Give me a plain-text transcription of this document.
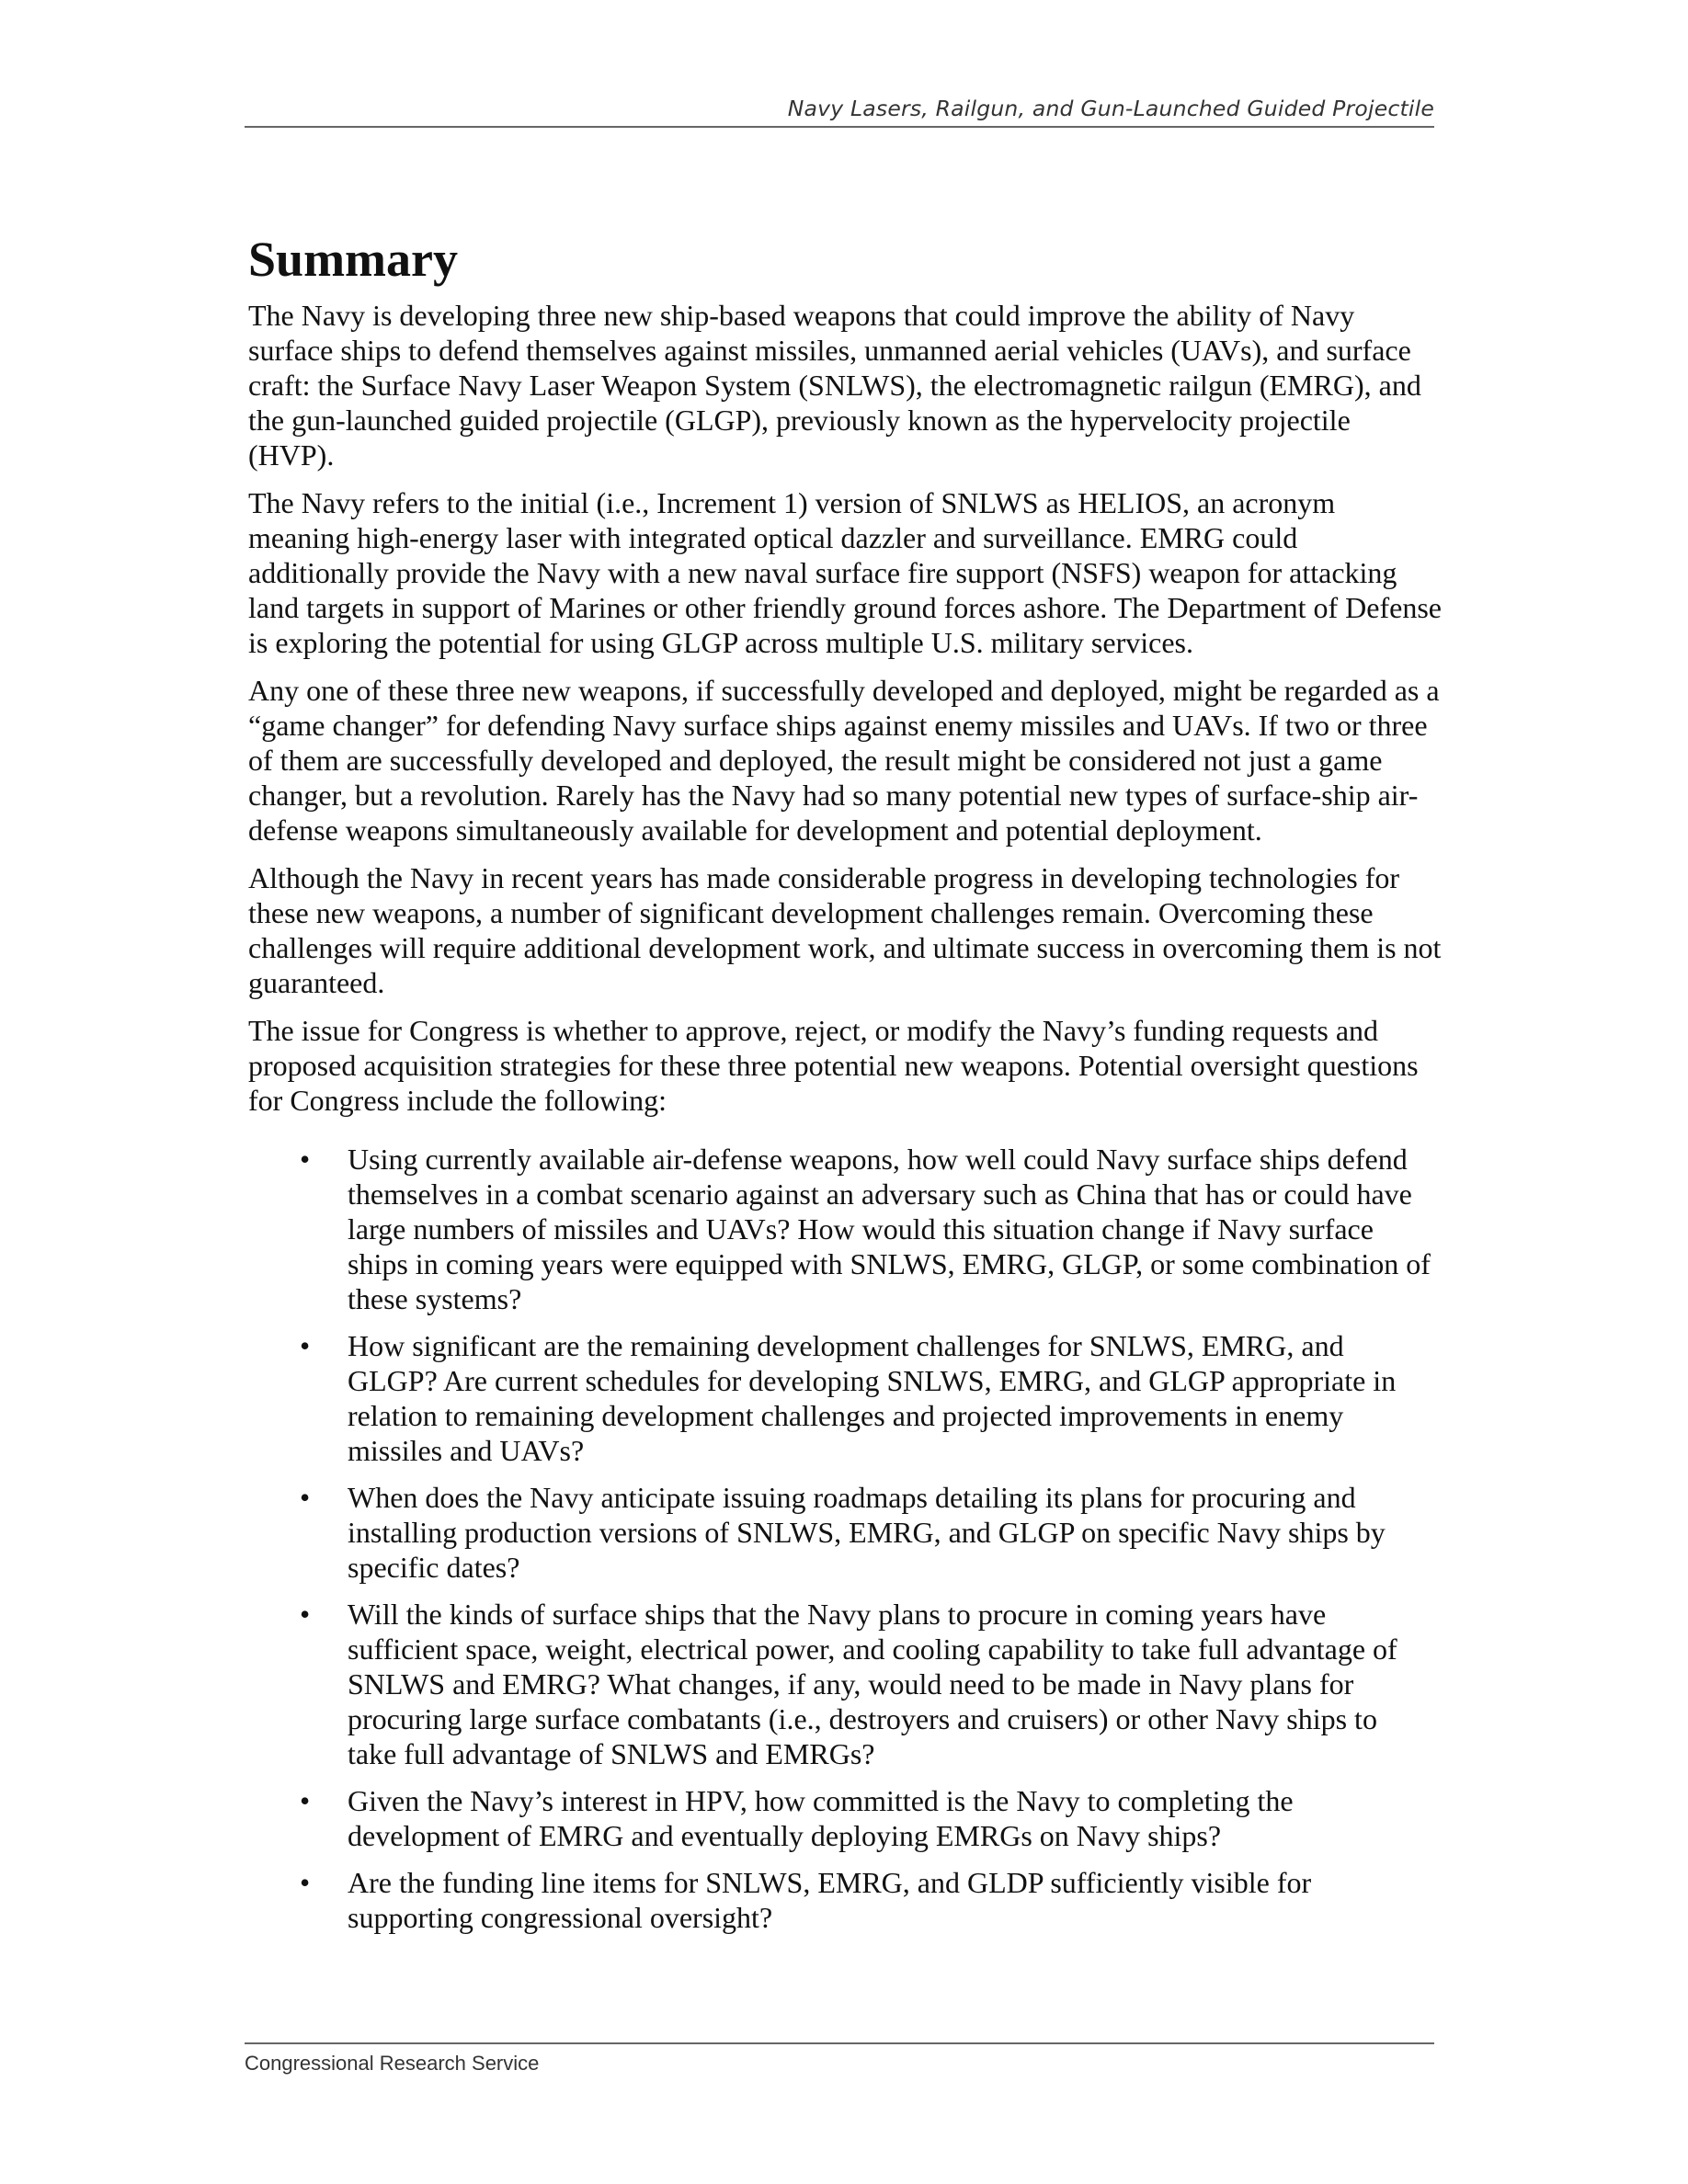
Navy Lasers, Railgun, and Gun-Launched Guided Projectile
Summary

The Navy is developing three new ship-based weapons that could improve the ability of Navy surface ships to defend themselves against missiles, unmanned aerial vehicles (UAVs), and surface craft: the Surface Navy Laser Weapon System (SNLWS), the electromagnetic railgun (EMRG), and the gun-launched guided projectile (GLGP), previously known as the hypervelocity projectile (HVP).

The Navy refers to the initial (i.e., Increment 1) version of SNLWS as HELIOS, an acronym meaning high-energy laser with integrated optical dazzler and surveillance. EMRG could additionally provide the Navy with a new naval surface fire support (NSFS) weapon for attacking land targets in support of Marines or other friendly ground forces ashore. The Department of Defense is exploring the potential for using GLGP across multiple U.S. military services.

Any one of these three new weapons, if successfully developed and deployed, might be regarded as a “game changer” for defending Navy surface ships against enemy missiles and UAVs. If two or three of them are successfully developed and deployed, the result might be considered not just a game changer, but a revolution. Rarely has the Navy had so many potential new types of surface-ship air-defense weapons simultaneously available for development and potential deployment.

Although the Navy in recent years has made considerable progress in developing technologies for these new weapons, a number of significant development challenges remain. Overcoming these challenges will require additional development work, and ultimate success in overcoming them is not guaranteed.

The issue for Congress is whether to approve, reject, or modify the Navy’s funding requests and proposed acquisition strategies for these three potential new weapons. Potential oversight questions for Congress include the following:

• Using currently available air-defense weapons, how well could Navy surface ships defend themselves in a combat scenario against an adversary such as China that has or could have large numbers of missiles and UAVs? How would this situation change if Navy surface ships in coming years were equipped with SNLWS, EMRG, GLGP, or some combination of these systems?
• How significant are the remaining development challenges for SNLWS, EMRG, and GLGP? Are current schedules for developing SNLWS, EMRG, and GLGP appropriate in relation to remaining development challenges and projected improvements in enemy missiles and UAVs?
• When does the Navy anticipate issuing roadmaps detailing its plans for procuring and installing production versions of SNLWS, EMRG, and GLGP on specific Navy ships by specific dates?
• Will the kinds of surface ships that the Navy plans to procure in coming years have sufficient space, weight, electrical power, and cooling capability to take full advantage of SNLWS and EMRG? What changes, if any, would need to be made in Navy plans for procuring large surface combatants (i.e., destroyers and cruisers) or other Navy ships to take full advantage of SNLWS and EMRGs?
• Given the Navy’s interest in HPV, how committed is the Navy to completing the development of EMRG and eventually deploying EMRGs on Navy ships?
• Are the funding line items for SNLWS, EMRG, and GLDP sufficiently visible for supporting congressional oversight?
Congressional Research Service
